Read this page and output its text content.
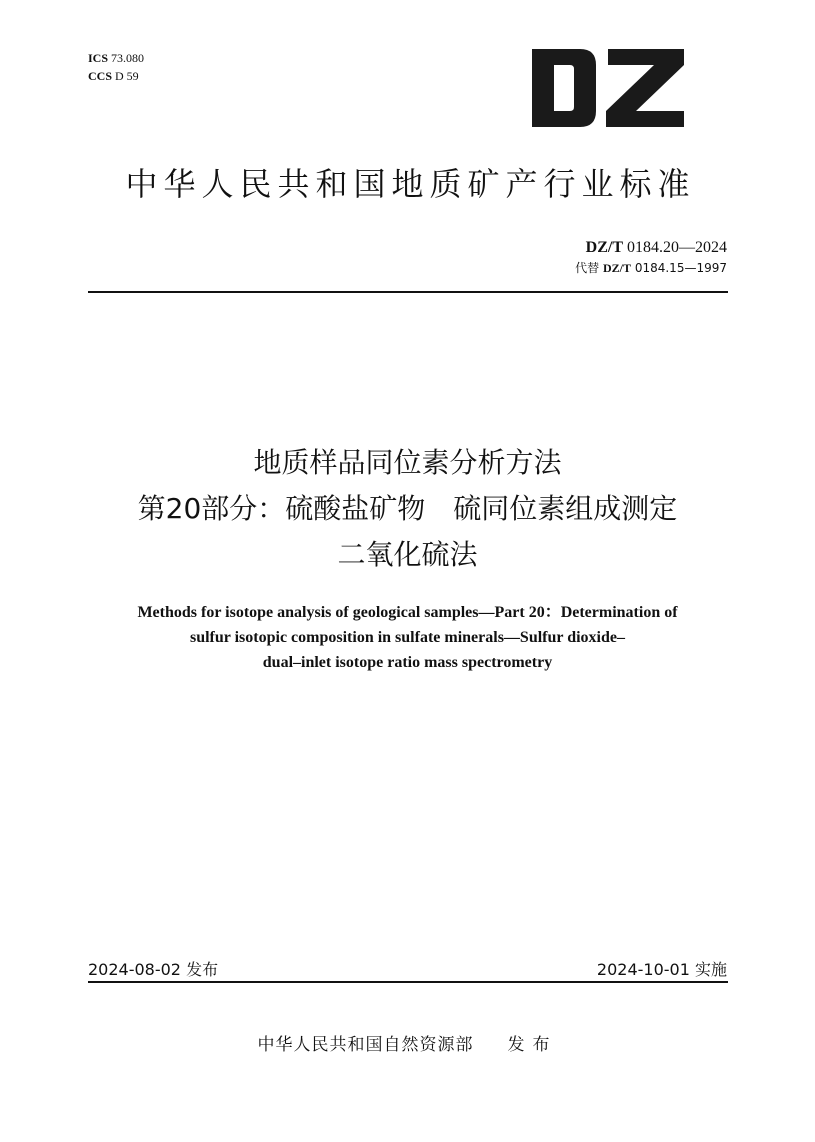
ICS 73.080
CCS D 59
中华人民共和国地质矿产行业标准
DZ/T 0184.20—2024
代替 DZ/T 0184.15—1997
地质样品同位素分析方法
第20部分：硫酸盐矿物　硫同位素组成测定
二氧化硫法
Methods for isotope analysis of geological samples—Part 20：Determination of
sulfur isotopic composition in sulfate minerals—Sulfur dioxide–
dual–inlet isotope ratio mass spectrometry
2024-08-02 发布	2024-10-01 实施
中华人民共和国自然资源部 发布
